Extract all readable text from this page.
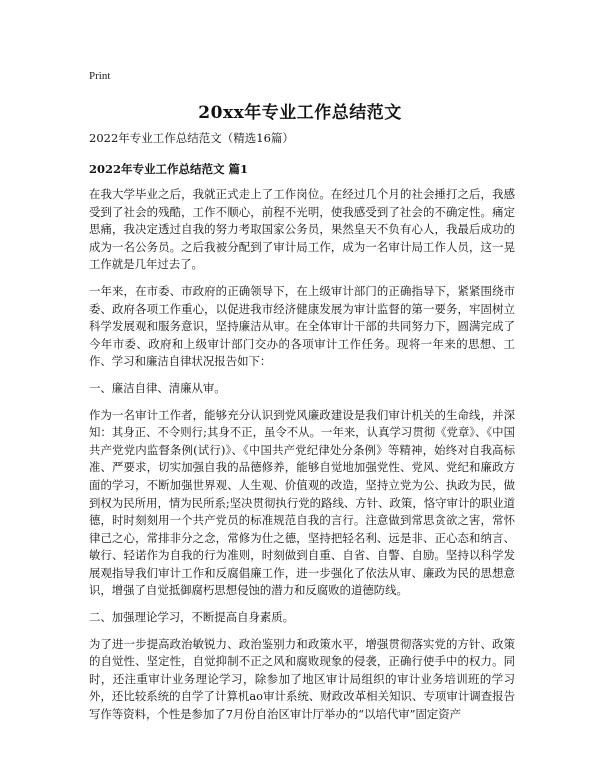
Print
20xx年专业工作总结范文
2022年专业工作总结范文（精选16篇）
2022年专业工作总结范文 篇1

在我大学毕业之后，我就正式走上了工作岗位。在经过几个月的社会捶打之后，我感受到了社会的残酷，工作不顺心，前程不光明，使我感受到了社会的不确定性。痛定思痛，我决定透过自我的努力考取国家公务员，果然皇天不负有心人，我最后成功的成为一名公务员。之后我被分配到了审计局工作，成为一名审计局工作人员，这一晃工作就是几年过去了。

一年来，在市委、市政府的正确领导下，在上级审计部门的正确指导下，紧紧围绕市委、政府各项工作重心，以促进我市经济健康发展为审计监督的第一要务，牢固树立科学发展观和服务意识，坚持廉洁从审。在全体审计干部的共同努力下，圆满完成了今年市委、政府和上级审计部门交办的各项审计工作任务。现将一年来的思想、工作、学习和廉洁自律状况报告如下：

一、廉洁自律、清廉从审。

作为一名审计工作者，能够充分认识到党风廉政建设是我们审计机关的生命线，并深知：其身正、不令则行;其身不正，虽令不从。一年来，认真学习贯彻《党章》、《中国共产党党内监督条例(试行)》、《中国共产党纪律处分条例》等精神，始终对自我高标准、严要求，切实加强自我的品德修养，能够自觉地加强党性、党风、党纪和廉政方面的学习，不断加强世界观、人生观、价值观的改造，坚持立党为公、执政为民，做到权为民所用，情为民所系;坚决贯彻执行党的路线、方针、政策，恪守审计的职业道德，时时刻刻用一个共产党员的标准规范自我的言行。注意做到常思贪欲之害，常怀律己之心，常排非分之念，常修为仕之德，坚持把轻名利、远是非、正心态和纳言、敏行、轻诺作为自我的行为准则，时刻做到自重、自省、自警、自励。坚持以科学发展观指导我们审计工作和反腐倡廉工作，进一步强化了依法从审、廉政为民的思想意识，增强了自觉抵御腐朽思想侵蚀的潜力和反腐败的道德防线。

二、加强理论学习，不断提高自身素质。

为了进一步提高政治敏锐力、政治鉴别力和政策水平，增强贯彻落实党的方针、政策的自觉性、坚定性，自觉抑制不正之风和腐败现象的侵袭，正确行使手中的权力。同时，还注重审计业务理论学习，除参加了地区审计局组织的审计业务培训班的学习外，还比较系统的自学了计算机ao审计系统、财政改革相关知识、专项审计调查报告写作等资料，个性是参加了7月份自治区审计厅举办的“以培代审”固定资产
